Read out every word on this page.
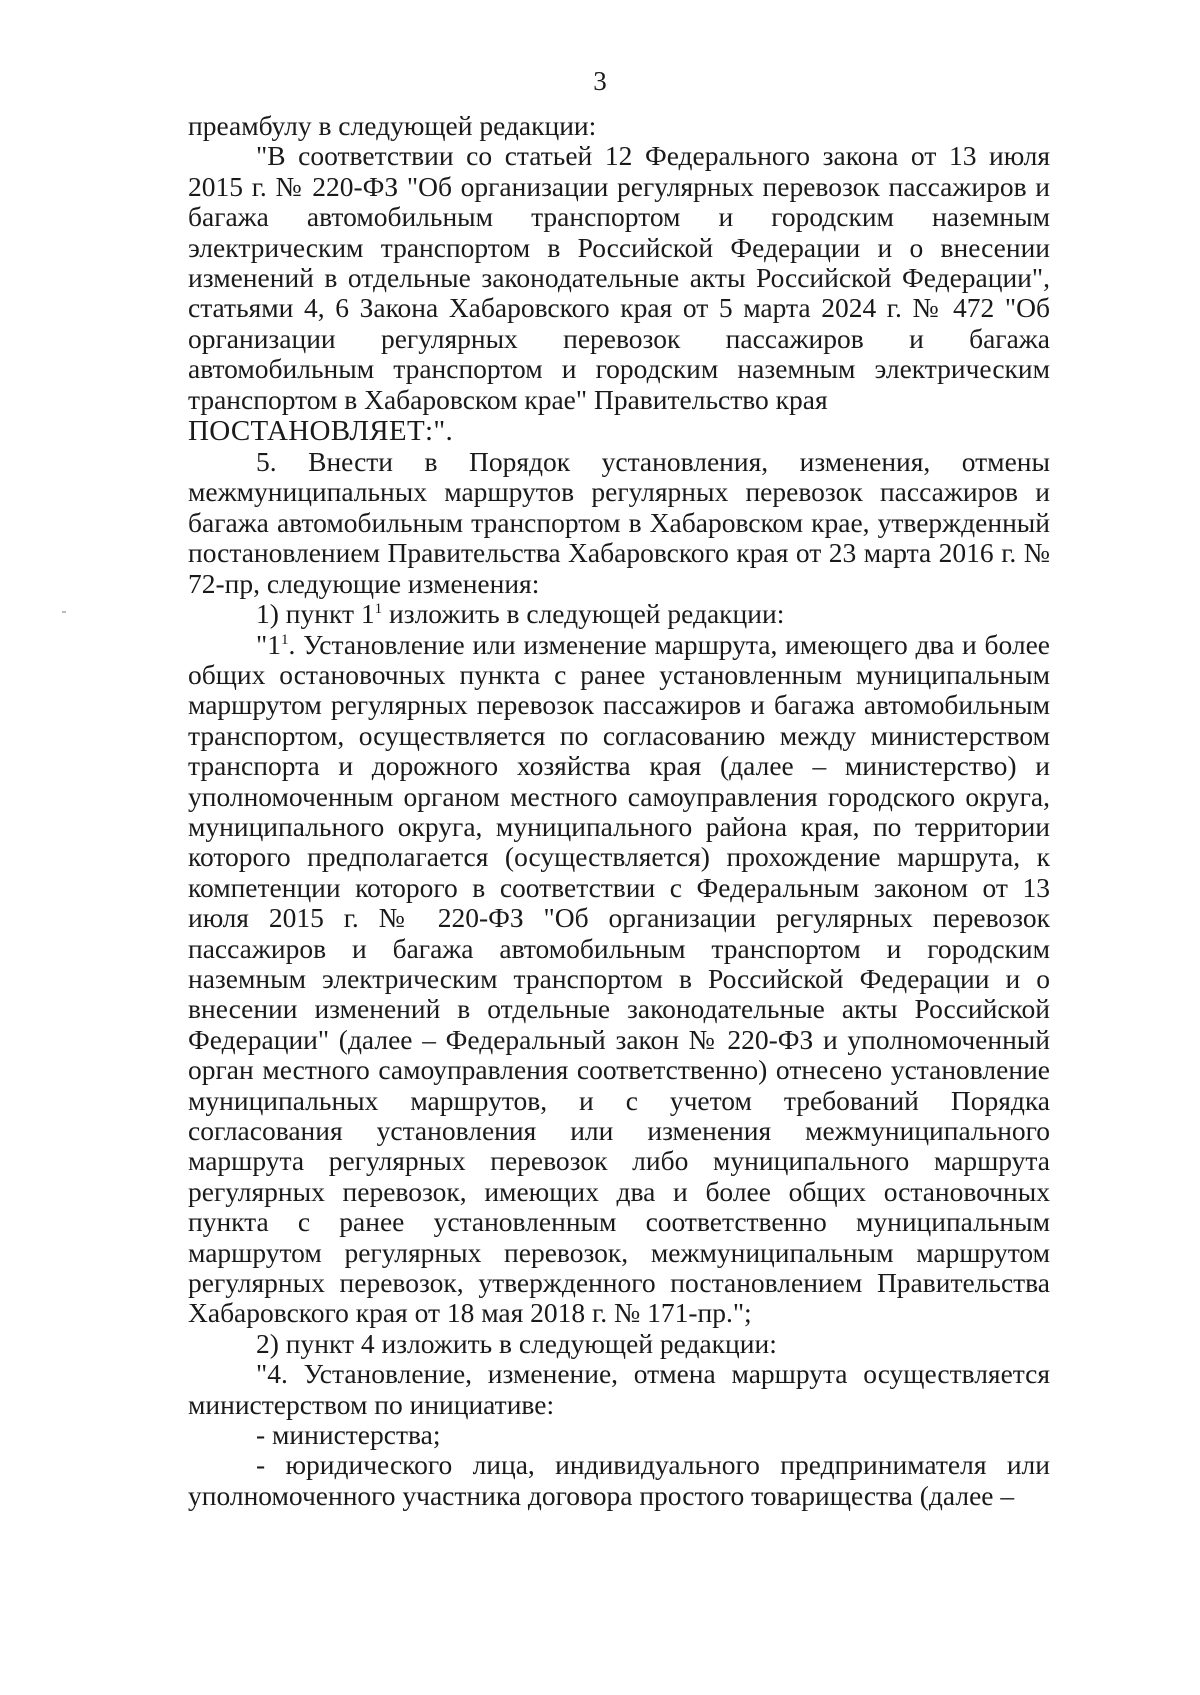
3

преамбулу в следующей редакции:

"В соответствии со статьей 12 Федерального закона от 13 июля 2015 г. № 220-ФЗ "Об организации регулярных перевозок пассажиров и багажа автомобильным транспортом и городским наземным электрическим транспортом в Российской Федерации и о внесении изменений в отдельные законодательные акты Российской Федерации", статьями 4, 6 Закона Хабаровского края от 5 марта 2024 г. № 472 "Об организации регулярных перевозок пассажиров и багажа автомобильным транспортом и городским наземным электрическим транспортом в Хабаровском крае" Правительство края

ПОСТАНОВЛЯЕТ:".

5. Внести в Порядок установления, изменения, отмены межмуниципальных маршрутов регулярных перевозок пассажиров и багажа автомобильным транспортом в Хабаровском крае, утвержденный постановлением Правительства Хабаровского края от 23 марта 2016 г. № 72-пр, следующие изменения:

1) пункт $1^1$ изложить в следующей редакции:

"$1^1$. Установление или изменение маршрута, имеющего два и более общих остановочных пункта с ранее установленным муниципальным маршрутом регулярных перевозок пассажиров и багажа автомобильным транспортом, осуществляется по согласованию между министерством транспорта и дорожного хозяйства края (далее – министерство) и уполномоченным органом местного самоуправления городского округа, муниципального округа, муниципального района края, по территории которого предполагается (осуществляется) прохождение маршрута, к компетенции которого в соответствии с Федеральным законом от 13 июля 2015 г. № 220-ФЗ "Об организации регулярных перевозок пассажиров и багажа автомобильным транспортом и городским наземным электрическим транспортом в Российской Федерации и о внесении изменений в отдельные законодательные акты Российской Федерации" (далее – Федеральный закон № 220-ФЗ и уполномоченный орган местного самоуправления соответственно) отнесено установление муниципальных маршрутов, и с учетом требований Порядка согласования установления или изменения межмуниципального маршрута регулярных перевозок либо муниципального маршрута регулярных перевозок, имеющих два и более общих остановочных пункта с ранее установленным соответственно муниципальным маршрутом регулярных перевозок, межмуниципальным маршрутом регулярных перевозок, утвержденного постановлением Правительства Хабаровского края от 18 мая 2018 г. № 171-пр.";

2) пункт 4 изложить в следующей редакции:

"4. Установление, изменение, отмена маршрута осуществляется министерством по инициативе:

- министерства;

- юридического лица, индивидуального предпринимателя или уполномоченного участника договора простого товарищества (далее –
